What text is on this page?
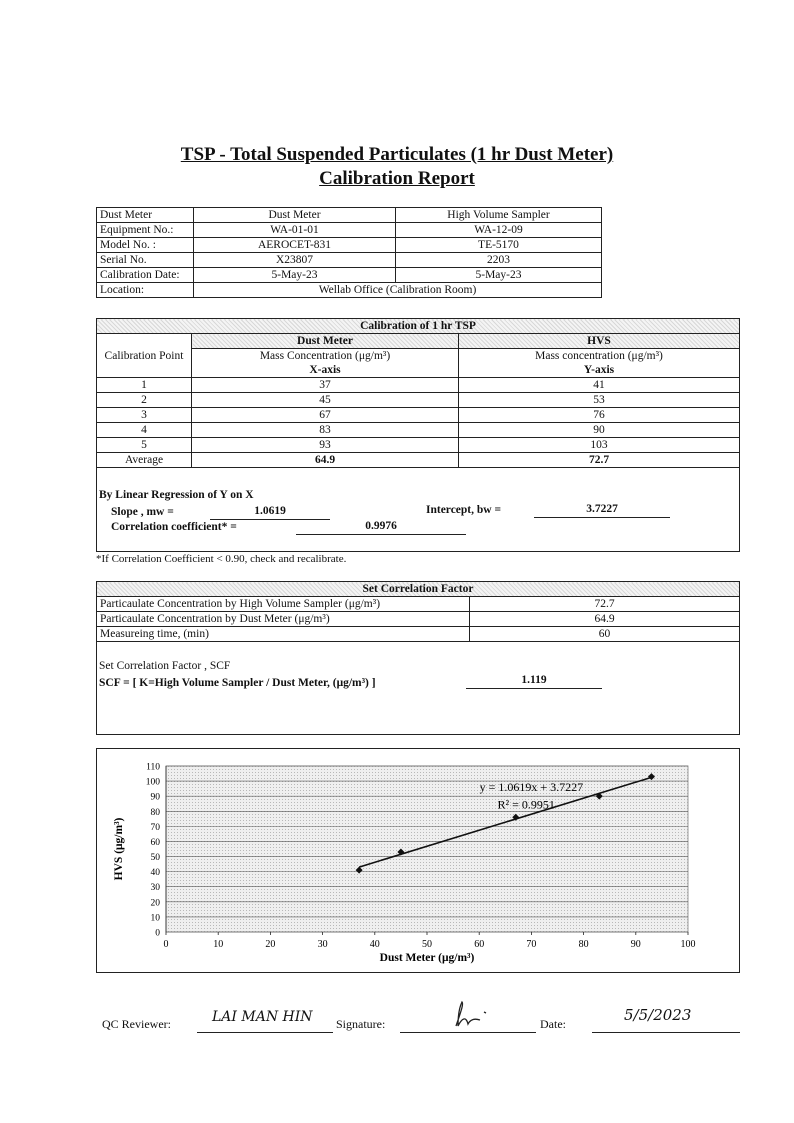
TSP - Total Suspended Particulates (1 hr Dust Meter)
Calibration Report
Dust Meter	Dust Meter	High Volume Sampler
Equipment No.:	WA-01-01	WA-12-09
Model No. :	AEROCET-831	TE-5170
Serial No.	X23807	2203
Calibration Date:	5-May-23	5-May-23
Location:	Wellab Office (Calibration Room)	
Calibration of 1 hr TSP		
Calibration Point	Dust Meter	HVS
	Mass Concentration (μg/m³)	Mass concentration (μg/m³)
	X-axis	Y-axis
1	37	41
2	45	53
3	67	76
4	83	90
5	93	103
Average	64.9	72.7
By Linear Regression of Y on X
Slope , mw =	1.0619	Intercept, bw =	3.7227
Correlation coefficient* =	0.9976
*If Correlation Coefficient < 0.90, check and recalibrate.
Set Correlation Factor	
Particaulate Concentration by High Volume Sampler (μg/m³)	72.7
Particaulate Concentration by Dust Meter (μg/m³)	64.9
Measureing time, (min)	60
Set Correlation Factor , SCF
SCF = [ K=High Volume Sampler / Dust Meter, (μg/m³) ]	1.119
0	10	20	30	40	50	60	70	80	90	100
0
10
20
30
40
50
60
70
80
90
100
110
y = 1.0619x + 3.7227
R² = 0.9951
Dust Meter (μg/m³)
HVS (μg/m³)
QC Reviewer:	LAI MAN HIN Signature:	Date:	5/5/2023
